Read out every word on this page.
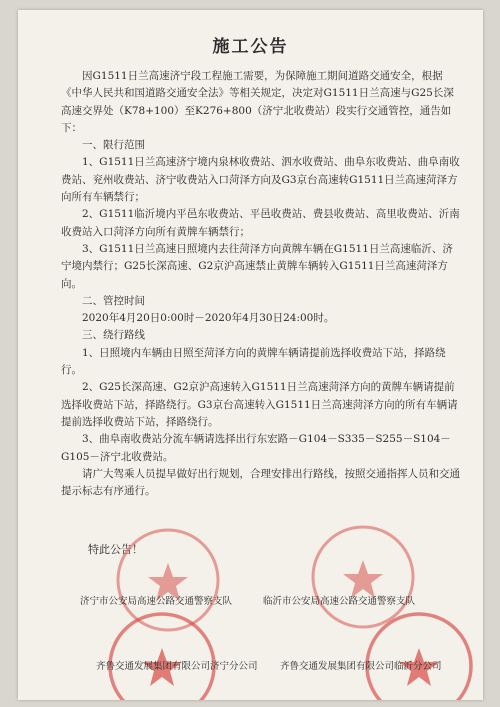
施工公告

因G1511日兰高速济宁段工程施工需要，为保障施工期间道路交通安全，根据《中华人民共和国道路交通安全法》等相关规定，决定对G1511日兰高速与G25长深高速交界处（K78+100）至K276+800（济宁北收费站）段实行交通管控，通告如下：

一、限行范围

1、G1511日兰高速济宁境内泉林收费站、泗水收费站、曲阜东收费站、曲阜南收费站、兖州收费站、济宁收费站入口菏泽方向及G3京台高速转G1511日兰高速菏泽方向所有车辆禁行；

2、G1511临沂境内平邑东收费站、平邑收费站、费县收费站、高里收费站、沂南收费站入口菏泽方向所有黄牌车辆禁行；

3、G1511日兰高速日照境内去往菏泽方向黄牌车辆在G1511日兰高速临沂、济宁境内禁行；G25长深高速、G2京沪高速禁止黄牌车辆转入G1511日兰高速菏泽方向。

二、管控时间

2020年4月20日0:00时－2020年4月30日24:00时。

三、绕行路线

1、日照境内车辆由日照至菏泽方向的黄牌车辆请提前选择收费站下站，择路绕行。

2、G25长深高速、G2京沪高速转入G1511日兰高速菏泽方向的黄牌车辆请提前选择收费站下站，择路绕行。G3京台高速转入G1511日兰高速菏泽方向的所有车辆请提前选择收费站下站，择路绕行。

3、曲阜南收费站分流车辆请选择出行东宏路－G104－S335－S255－S104－G105－济宁北收费站。

请广大驾乘人员提早做好出行规划，合理安排出行路线，按照交通指挥人员和交通提示标志有序通行。

特此公告！
济宁市公安局高速公路交通警察支队	临沂市公安局高速公路交通警察支队
齐鲁交通发展集团有限公司济宁分公司 齐鲁交通发展集团有限公司临沂分公司
